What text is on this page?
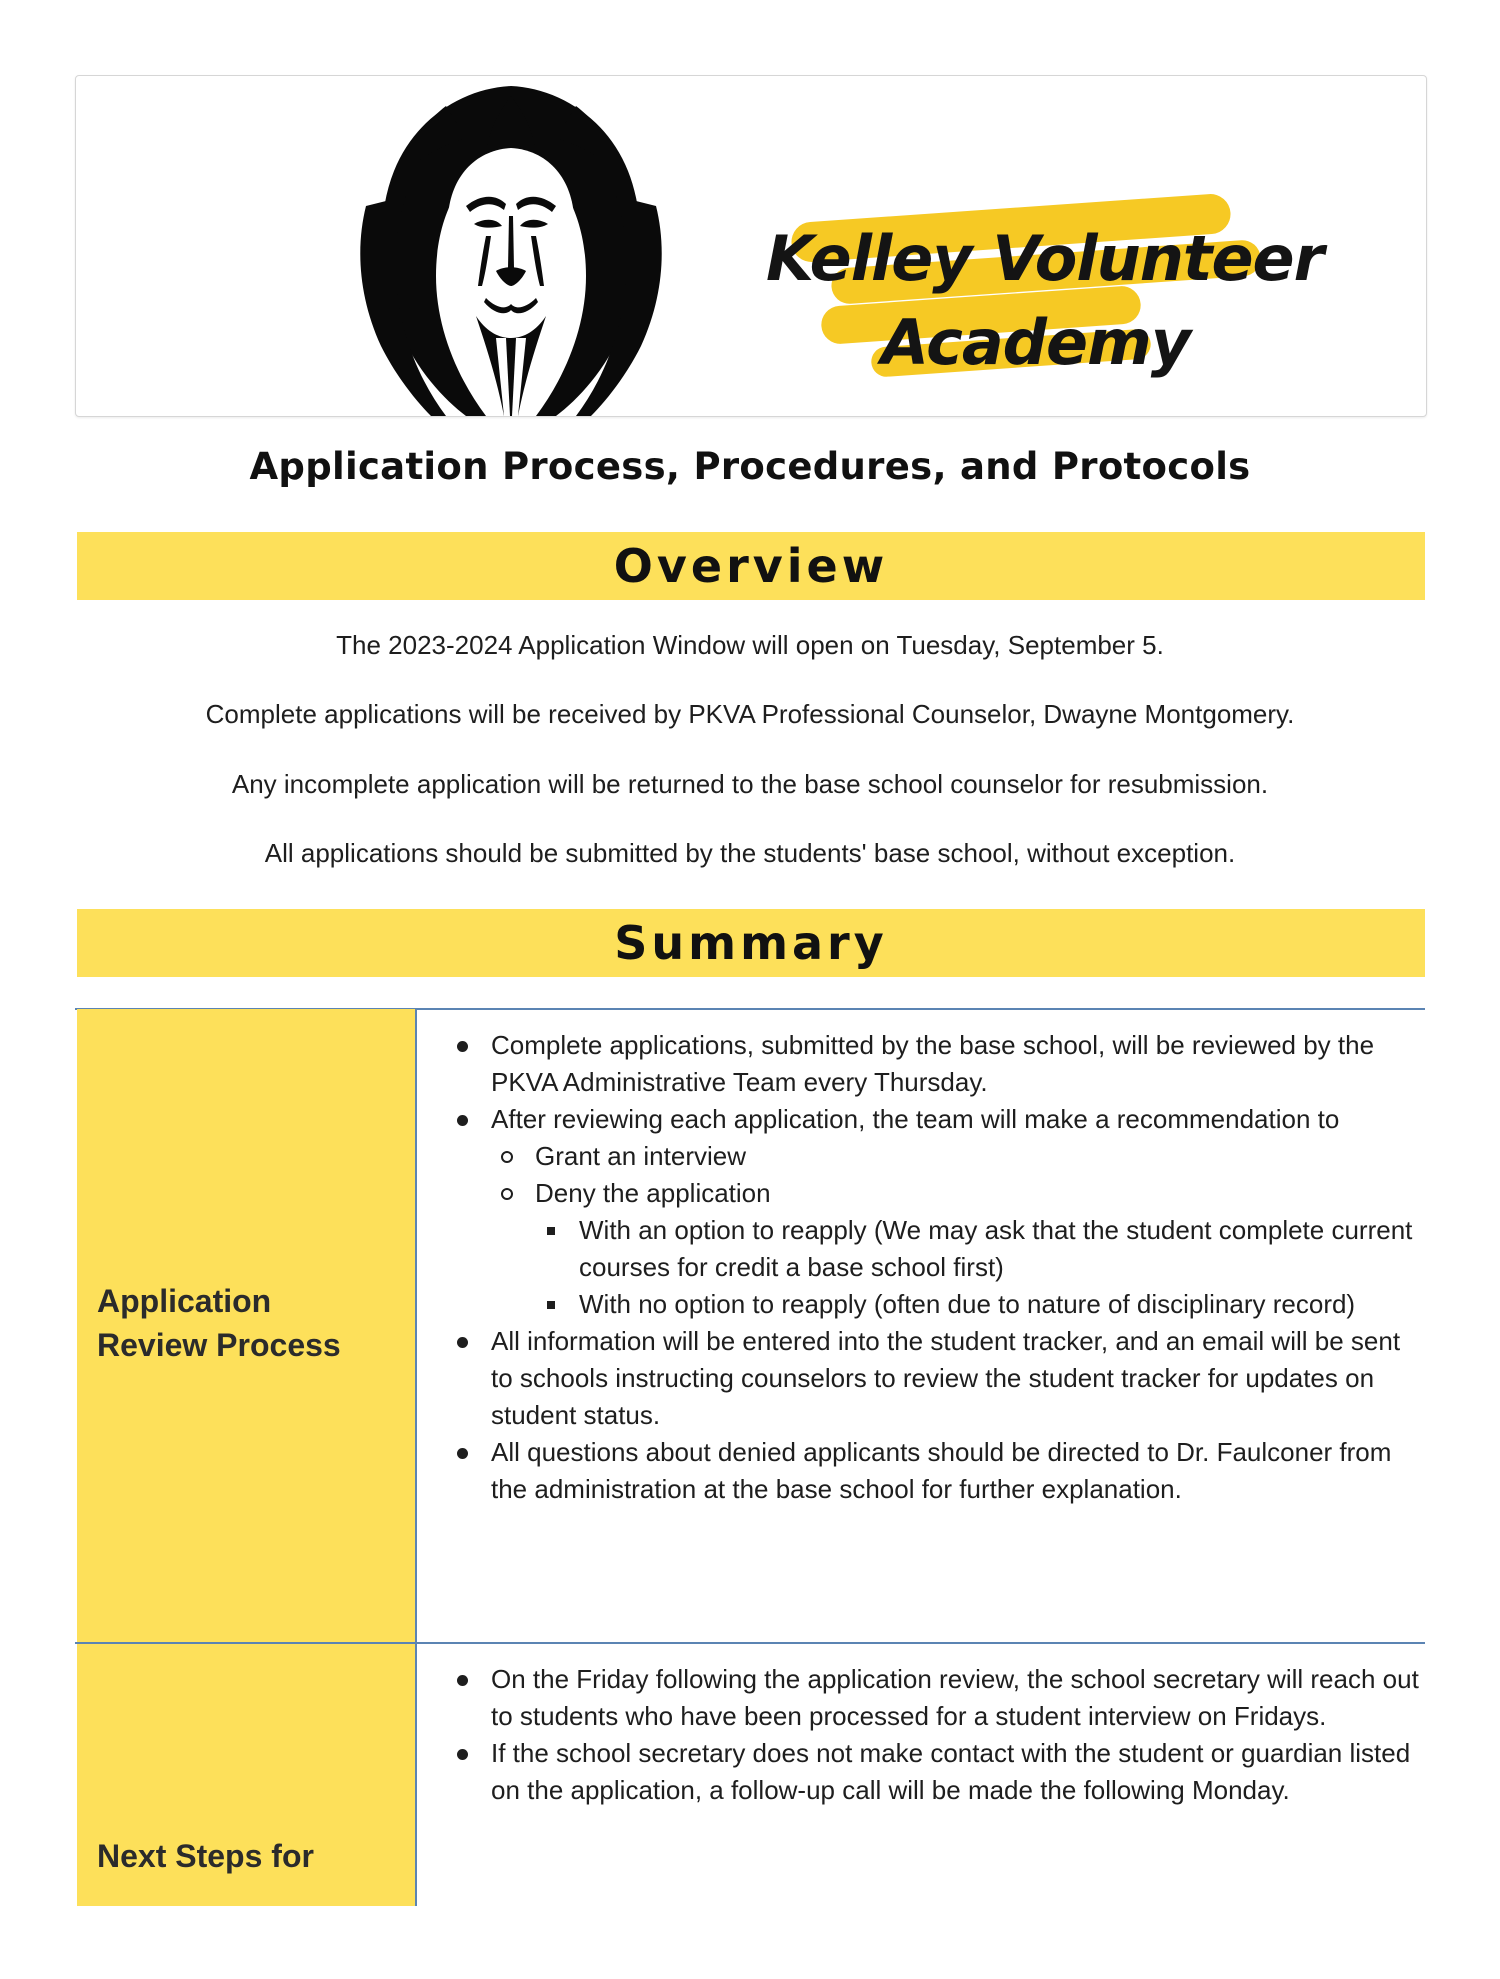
Kelley Volunteer
Academy
Application Process, Procedures, and Protocols
Overview
The 2023-2024 Application Window will open on Tuesday, September 5.
Complete applications will be received by PKVA Professional Counselor, Dwayne Montgomery.
Any incomplete application will be returned to the base school counselor for resubmission.
All applications should be submitted by the students' base school, without exception.
Summary
Application
Review Process
Complete applications, submitted by the base school, will be reviewed by the PKVA Administrative Team every Thursday.
After reviewing each application, the team will make a recommendation to
Grant an interview
Deny the application
With an option to reapply (We may ask that the student complete current courses for credit a base school first)
With no option to reapply (often due to nature of disciplinary record)
All information will be entered into the student tracker, and an email will be sent to schools instructing counselors to review the student tracker for updates on student status.
All questions about denied applicants should be directed to Dr. Faulconer from the administration at the base school for further explanation.
Next Steps for
On the Friday following the application review, the school secretary will reach out to students who have been processed for a student interview on Fridays.
If the school secretary does not make contact with the student or guardian listed on the application, a follow-up call will be made the following Monday.
